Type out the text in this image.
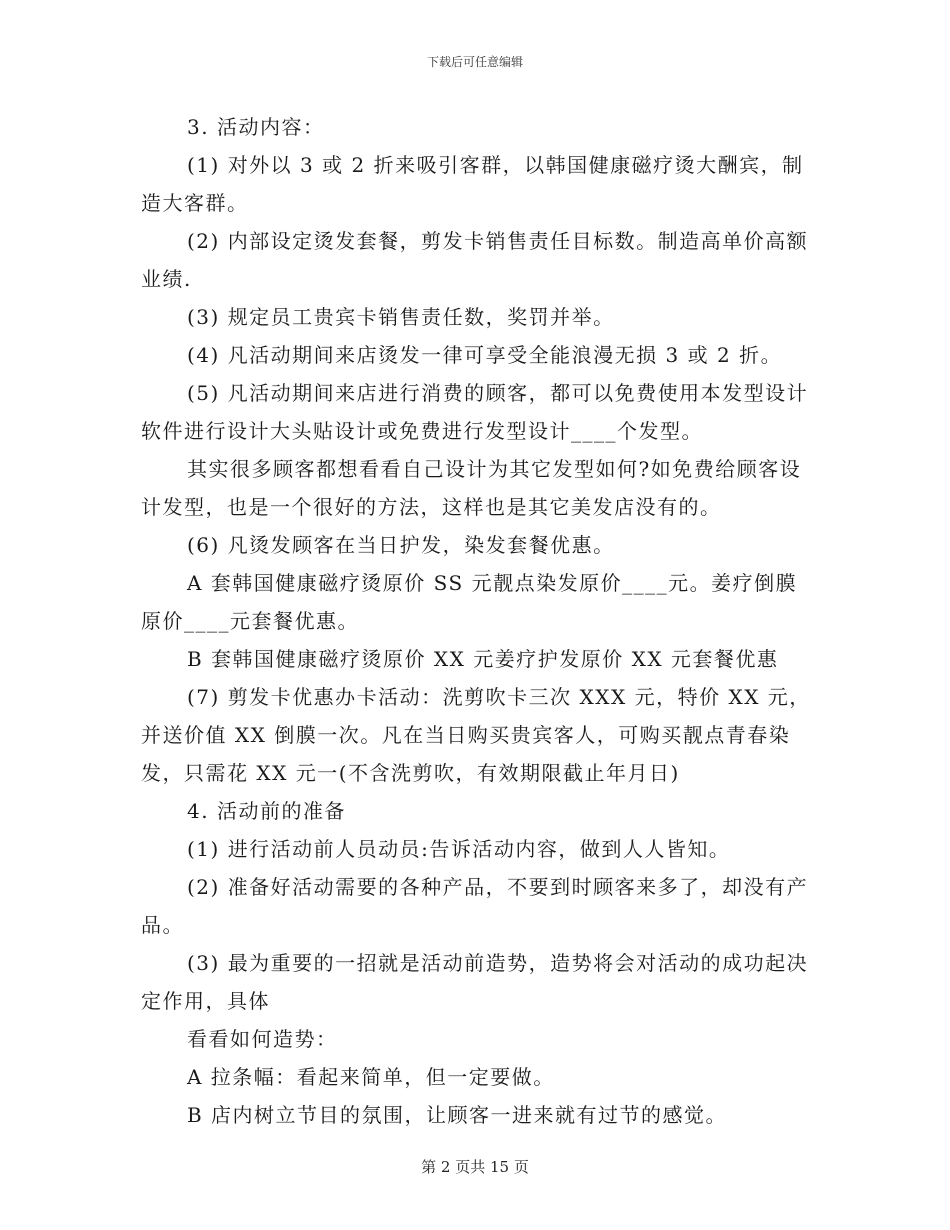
下载后可任意编辑

3. 活动内容：

(1) 对外以 3 或 2 折来吸引客群，以韩国健康磁疗烫大酬宾，制造大客群。

(2) 内部设定烫发套餐，剪发卡销售责任目标数。制造高单价高额业绩.

(3) 规定员工贵宾卡销售责任数，奖罚并举。

(4) 凡活动期间来店烫发一律可享受全能浪漫无损 3 或 2 折。

(5) 凡活动期间来店进行消费的顾客，都可以免费使用本发型设计软件进行设计大头贴设计或免费进行发型设计____个发型。

其实很多顾客都想看看自己设计为其它发型如何?如免费给顾客设计发型，也是一个很好的方法，这样也是其它美发店没有的。

(6) 凡烫发顾客在当日护发，染发套餐优惠。

A 套韩国健康磁疗烫原价 SS 元靓点染发原价____元。姜疗倒膜原价____元套餐优惠。

B 套韩国健康磁疗烫原价 XX 元姜疗护发原价 XX 元套餐优惠

(7) 剪发卡优惠办卡活动：洗剪吹卡三次 XXX 元，特价 XX 元，并送价值 XX 倒膜一次。凡在当日购买贵宾客人，可购买靓点青春染发，只需花 XX 元一(不含洗剪吹，有效期限截止年月日)

4. 活动前的准备

(1) 进行活动前人员动员:告诉活动内容，做到人人皆知。

(2) 准备好活动需要的各种产品，不要到时顾客来多了，却没有产品。

(3) 最为重要的一招就是活动前造势，造势将会对活动的成功起决定作用，具体

看看如何造势：

A 拉条幅：看起来简单，但一定要做。

B 店内树立节目的氛围，让顾客一进来就有过节的感觉。

第 2 页共 15 页
